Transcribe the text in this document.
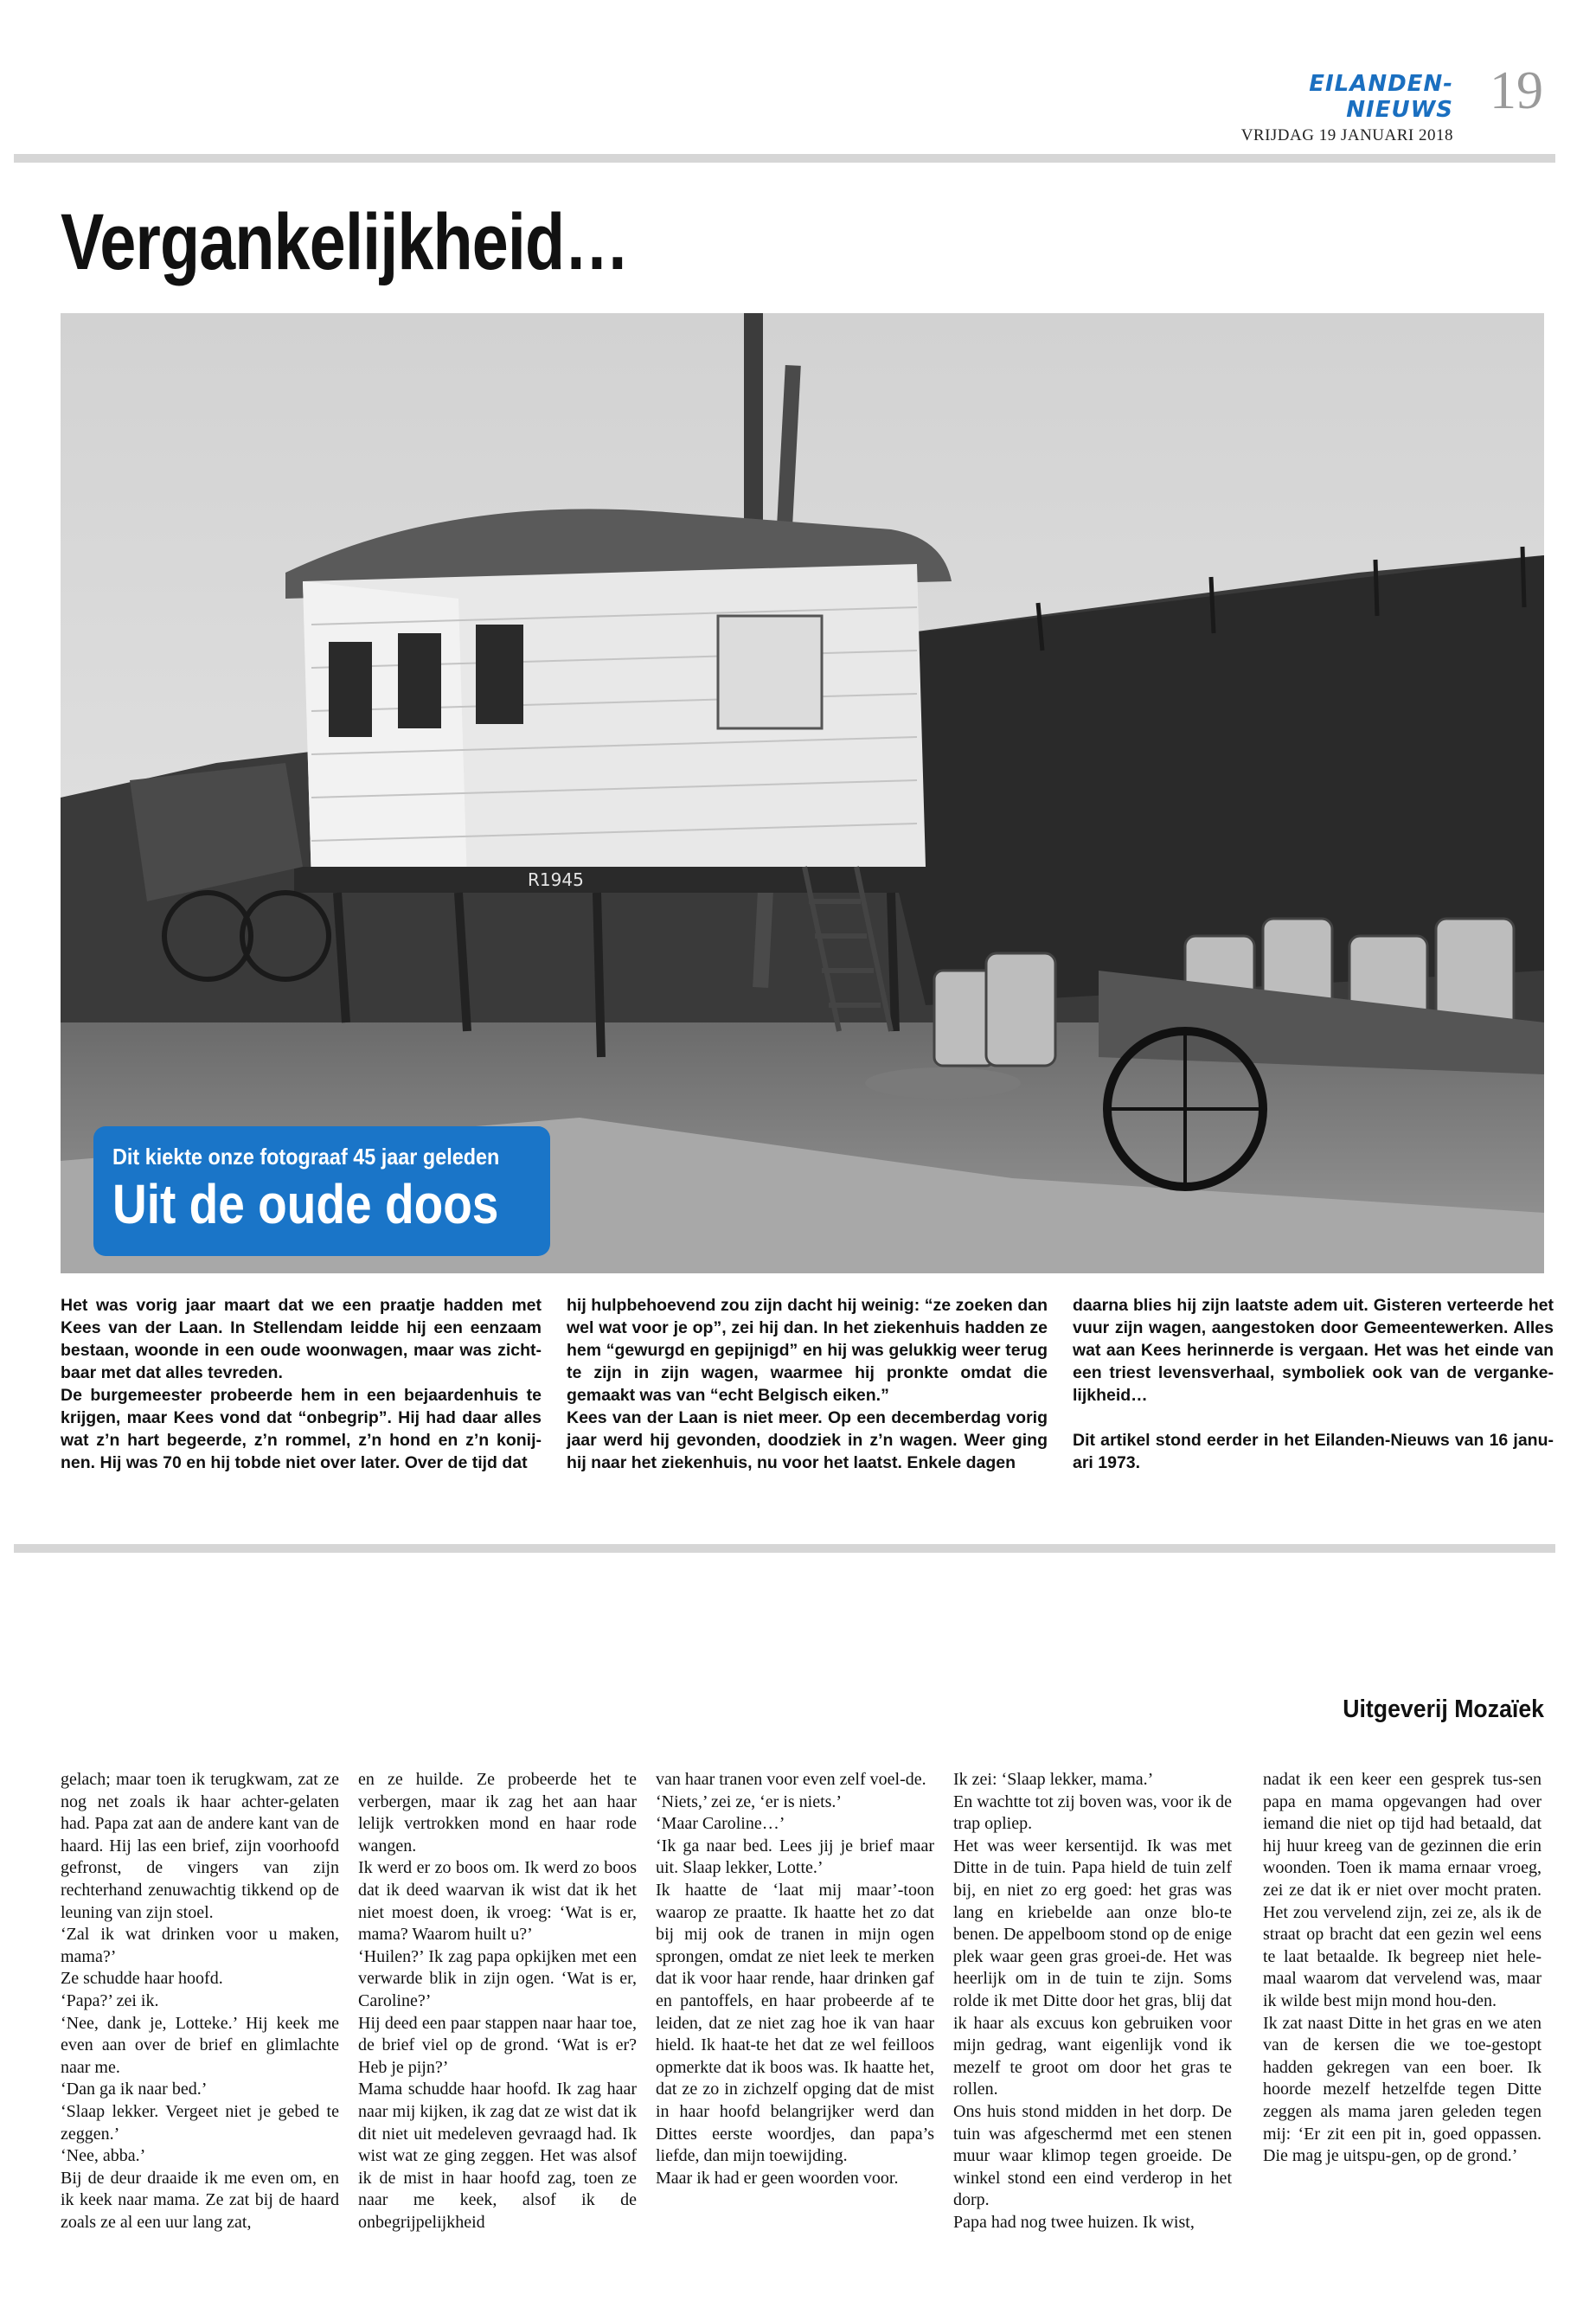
EILANDEN-NIEUWS
VRIJDAG 19 JANUARI 2018
19
Vergankelijkheid…
R1945
Dit kiekte onze fotograaf 45 jaar geleden
Uit de oude doos

Het was vorig jaar maart dat we een praatje hadden met Kees van der Laan. In Stellendam leidde hij een eenzaam bestaan, woonde in een oude woonwagen, maar was zicht-baar met dat alles tevreden.

De burgemeester probeerde hem in een bejaardenhuis te krijgen, maar Kees vond dat “onbegrip”. Hij had daar alles wat z’n hart begeerde, z’n rommel, z’n hond en z’n konij-nen. Hij was 70 en hij tobde niet over later. Over de tijd dat

hij hulpbehoevend zou zijn dacht hij weinig: “ze zoeken dan wel wat voor je op”, zei hij dan. In het ziekenhuis hadden ze hem “gewurgd en gepijnigd” en hij was gelukkig weer terug te zijn in zijn wagen, waarmee hij pronkte omdat die gemaakt was van “echt Belgisch eiken.”

Kees van der Laan is niet meer. Op een decemberdag vorig jaar werd hij gevonden, doodziek in z’n wagen. Weer ging hij naar het ziekenhuis, nu voor het laatst. Enkele dagen

daarna blies hij zijn laatste adem uit. Gisteren verteerde het vuur zijn wagen, aangestoken door Gemeentewerken. Alles wat aan Kees herinnerde is vergaan. Het was het einde van een triest levensverhaal, symboliek ook van de verganke-lijkheid…

Dit artikel stond eerder in het Eilanden-Nieuws van 16 janu-ari 1973.

Uitgeverij Mozaïek

gelach; maar toen ik terugkwam, zat ze nog net zoals ik haar achter-gelaten had. Papa zat aan de andere kant van de haard. Hij las een brief, zijn voorhoofd gefronst, de vingers van zijn rechterhand zenuwachtig tikkend op de leuning van zijn stoel.

‘Zal ik wat drinken voor u maken, mama?’

Ze schudde haar hoofd.

‘Papa?’ zei ik.

‘Nee, dank je, Lotteke.’ Hij keek me even aan over de brief en glimlachte naar me.

‘Dan ga ik naar bed.’

‘Slaap lekker. Vergeet niet je gebed te zeggen.’

‘Nee, abba.’

Bij de deur draaide ik me even om, en ik keek naar mama. Ze zat bij de haard zoals ze al een uur lang zat,

en ze huilde. Ze probeerde het te verbergen, maar ik zag het aan haar lelijk vertrokken mond en haar rode wangen.

Ik werd er zo boos om. Ik werd zo boos dat ik deed waarvan ik wist dat ik het niet moest doen, ik vroeg: ‘Wat is er, mama? Waarom huilt u?’

‘Huilen?’ Ik zag papa opkijken met een verwarde blik in zijn ogen. ‘Wat is er, Caroline?’

Hij deed een paar stappen naar haar toe, de brief viel op de grond. ‘Wat is er? Heb je pijn?’

Mama schudde haar hoofd. Ik zag haar naar mij kijken, ik zag dat ze wist dat ik dit niet uit medeleven gevraagd had. Ik wist wat ze ging zeggen. Het was alsof ik de mist in haar hoofd zag, toen ze naar me keek, alsof ik de onbegrijpelijkheid

van haar tranen voor even zelf voel-de.

‘Niets,’ zei ze, ‘er is niets.’

‘Maar Caroline…’

‘Ik ga naar bed. Lees jij je brief maar uit. Slaap lekker, Lotte.’

Ik haatte de ‘laat mij maar’-toon waarop ze praatte. Ik haatte het zo dat bij mij ook de tranen in mijn ogen sprongen, omdat ze niet leek te merken dat ik voor haar rende, haar drinken gaf en pantoffels, en haar probeerde af te leiden, dat ze niet zag hoe ik van haar hield. Ik haat-te het dat ze wel feilloos opmerkte dat ik boos was. Ik haatte het, dat ze zo in zichzelf opging dat de mist in haar hoofd belangrijker werd dan Dittes eerste woordjes, dan papa’s liefde, dan mijn toewijding.

Maar ik had er geen woorden voor.

Ik zei: ‘Slaap lekker, mama.’

En wachtte tot zij boven was, voor ik de trap opliep.

Het was weer kersentijd. Ik was met Ditte in de tuin. Papa hield de tuin zelf bij, en niet zo erg goed: het gras was lang en kriebelde aan onze blo-te benen. De appelboom stond op de enige plek waar geen gras groei-de. Het was heerlijk om in de tuin te zijn. Soms rolde ik met Ditte door het gras, blij dat ik haar als excuus kon gebruiken voor mijn gedrag, want eigenlijk vond ik mezelf te groot om door het gras te rollen.

Ons huis stond midden in het dorp. De tuin was afgeschermd met een stenen muur waar klimop tegen groeide. De winkel stond een eind verderop in het dorp.

Papa had nog twee huizen. Ik wist,

nadat ik een keer een gesprek tus-sen papa en mama opgevangen had over iemand die niet op tijd had betaald, dat hij huur kreeg van de gezinnen die erin woonden. Toen ik mama ernaar vroeg, zei ze dat ik er niet over mocht praten. Het zou vervelend zijn, zei ze, als ik de straat op bracht dat een gezin wel eens te laat betaalde. Ik begreep niet hele-maal waarom dat vervelend was, maar ik wilde best mijn mond hou-den.

Ik zat naast Ditte in het gras en we aten van de kersen die we toe-gestopt hadden gekregen van een boer. Ik hoorde mezelf hetzelfde tegen Ditte zeggen als mama jaren geleden tegen mij: ‘Er zit een pit in, goed oppassen. Die mag je uitspu-gen, op de grond.’
